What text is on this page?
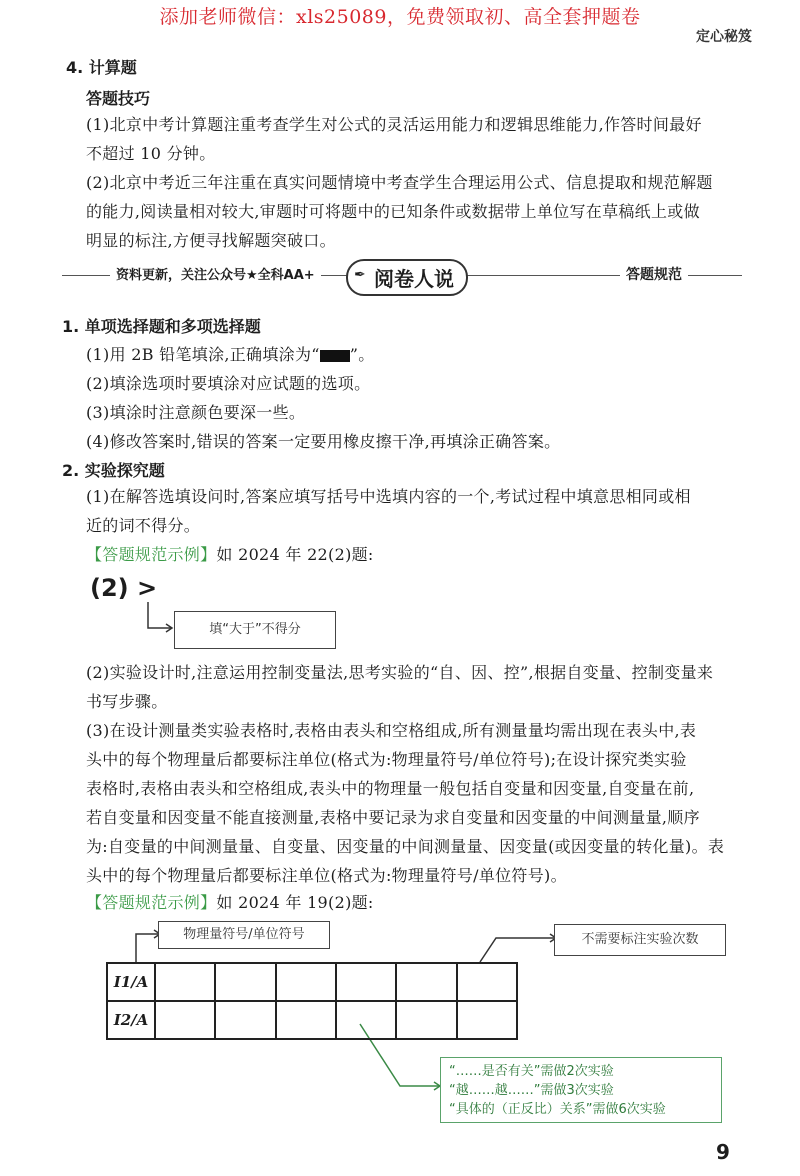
添加老师微信：xls25089，免费领取初、高全套押题卷
定心秘笈
4. 计算题
答题技巧
(1)北京中考计算题注重考查学生对公式的灵活运用能力和逻辑思维能力,作答时间最好
不超过 10 分钟。
(2)北京中考近三年注重在真实问题情境中考查学生合理运用公式、信息提取和规范解题
的能力,阅读量相对较大,审题时可将题中的已知条件或数据带上单位写在草稿纸上或做
明显的标注,方便寻找解题突破口。
资料更新，关注公众号★全科AA+	✒ 阅卷人说	答题规范
1. 单项选择题和多项选择题
(1)用 2B 铅笔填涂,正确填涂为“ ”。
(2)填涂选项时要填涂对应试题的选项。
(3)填涂时注意颜色要深一些。
(4)修改答案时,错误的答案一定要用橡皮擦干净,再填涂正确答案。
2. 实验探究题
(1)在解答选填设问时,答案应填写括号中选填内容的一个,考试过程中填意思相同或相
近的词不得分。
【答题规范示例】如 2024 年 22(2)题:
(2) >
填“大于”不得分
(2)实验设计时,注意运用控制变量法,思考实验的“自、因、控”,根据自变量、控制变量来
书写步骤。
(3)在设计测量类实验表格时,表格由表头和空格组成,所有测量量均需出现在表头中,表
头中的每个物理量后都要标注单位(格式为:物理量符号/单位符号);在设计探究类实验
表格时,表格由表头和空格组成,表头中的物理量一般包括自变量和因变量,自变量在前,
若自变量和因变量不能直接测量,表格中要记录为求自变量和因变量的中间测量量,顺序
为:自变量的中间测量量、自变量、因变量的中间测量量、因变量(或因变量的转化量)。表
头中的每个物理量后都要标注单位(格式为:物理量符号/单位符号)。
【答题规范示例】如 2024 年 19(2)题:
物理量符号/单位符号	不需要标注实验次数
I1/A						
I2/A						
“……是否有关”需做2次实验
“越……越……”需做3次实验
“具体的（正反比）关系”需做6次实验
9
